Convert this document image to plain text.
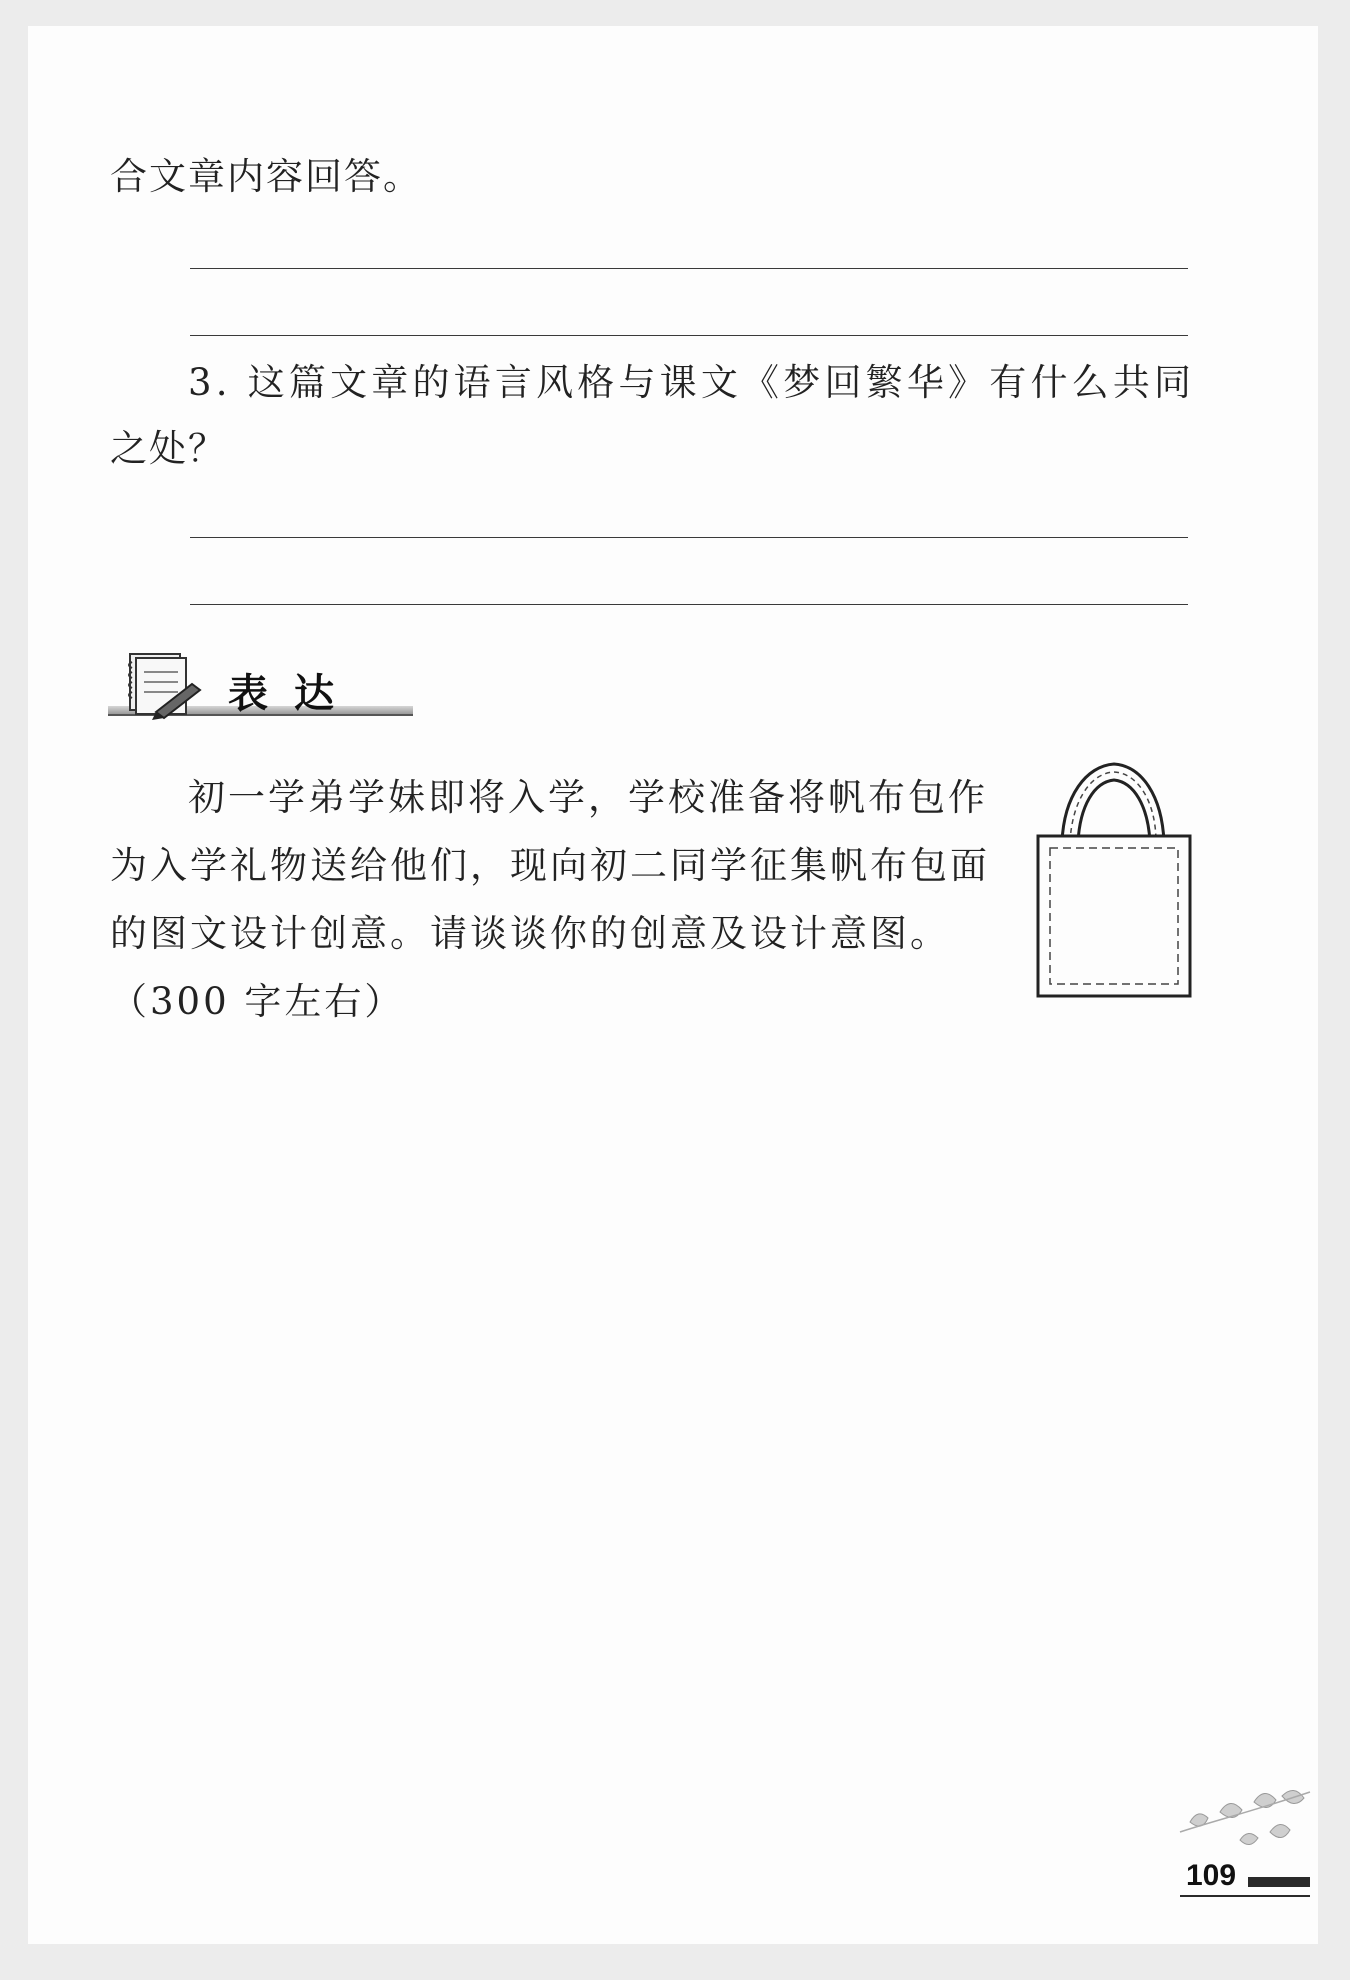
合文章内容回答。

3. 这篇文章的语言风格与课文《梦回繁华》有什么共同

之处？

表达
初一学弟学妹即将入学，学校准备将帆布包作
为入学礼物送给他们，现向初二同学征集帆布包面
的图文设计创意。请谈谈你的创意及设计意图。
（300 字左右）
109
